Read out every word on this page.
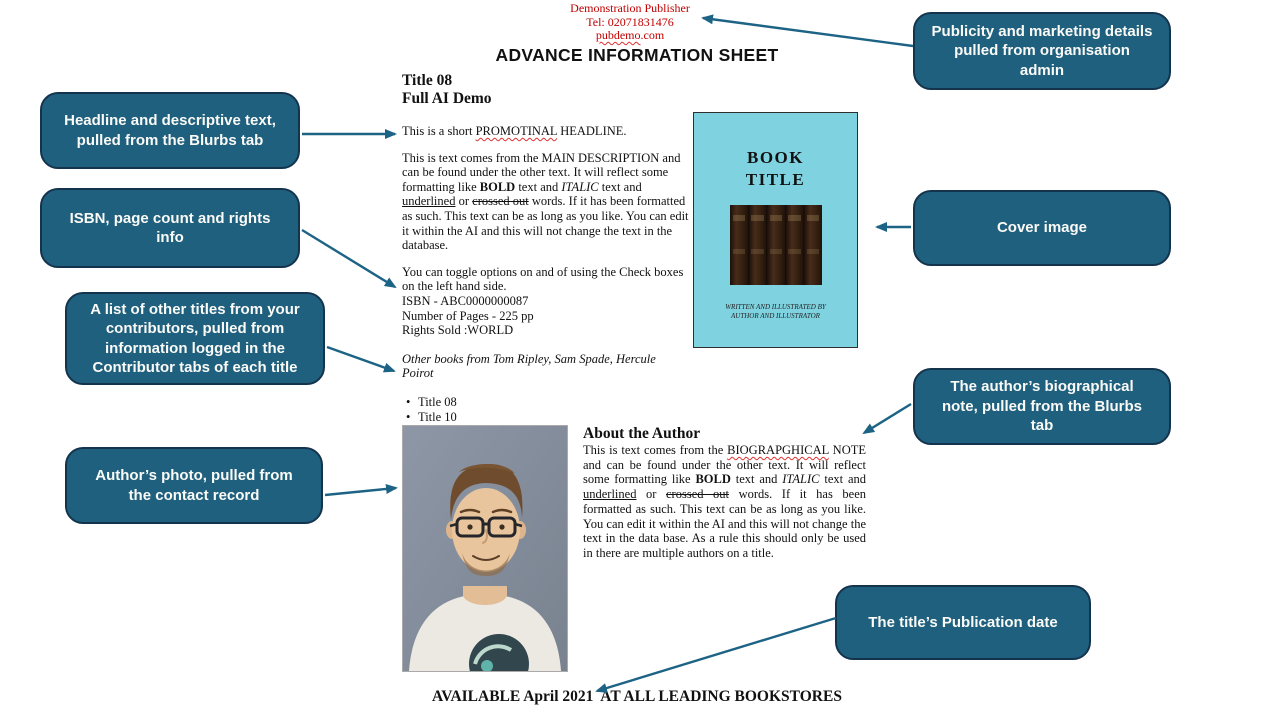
Demonstration Publisher
Tel: 02071831476
pubdemo.com
ADVANCE INFORMATION SHEET
Title 08
Full AI Demo

This is a short PROMOTINAL HEADLINE.

This is text comes from the MAIN DESCRIPTION and can be found under the other text. It will reflect some formatting like BOLD text and ITALIC text and underlined or crossed out words. If it has been formatted as such. This text can be as long as you like. You can edit it within the AI and this will not change the text in the database.

You can toggle options on and of using the Check boxes on the left hand side.
ISBN - ABC0000000087
Number of Pages - 225 pp
Rights Sold :WORLD

Other books from Tom Ripley, Sam Spade, Hercule Poirot

• Title 08
• Title 10
•
BOOK
TITLE
WRITTEN AND ILLUSTRATED BY
AUTHOR AND ILLUSTRATOR
About the Author

This is text comes from the BIOGRAPGHICAL NOTE and can be found under the other text. It will reflect some formatting like BOLD text and ITALIC text and underlined or crossed out words. If it has been formatted as such. This text can be as long as you like. You can edit it within the AI and this will not change the text in the data base. As a rule this should only be used in there are multiple authors on a title.

AVAILABLE April 2021  AT ALL LEADING BOOKSTORES
Publicity and marketing details pulled from organisation admin
Headline and descriptive text, pulled from the Blurbs tab
ISBN, page count and rights info
A list of other titles from your contributors, pulled from information logged in the Contributor tabs of each title
Author’s photo, pulled from the contact record
Cover image
The author’s biographical note, pulled from the Blurbs tab
The title’s Publication date
